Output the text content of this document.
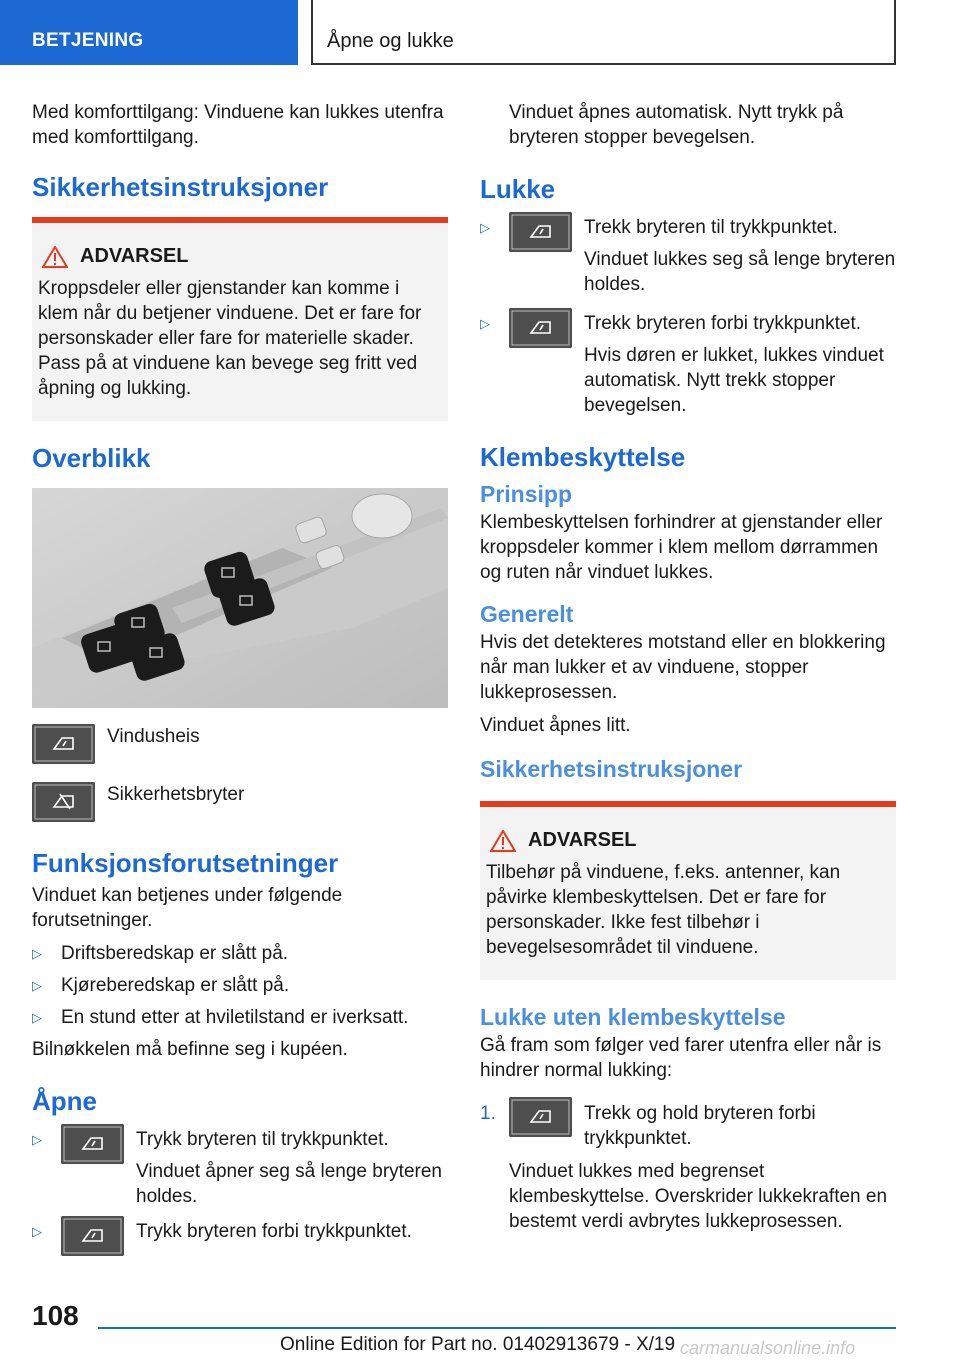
BETJENING	Åpne og lukke

Med komforttilgang: Vinduene kan lukkes utenfra med komforttilgang.

Sikkerhetsinstruksjoner
ADVARSEL

Kroppsdeler eller gjenstander kan komme i klem når du betjener vinduene. Det er fare for personskader eller fare for materielle skader. Pass på at vinduene kan bevege seg fritt ved åpning og lukking.

Overblikk
Vindusheis
Sikkerhetsbryter
Funksjonsforutsetninger

Vinduet kan betjenes under følgende forutsetninger.

▷ Driftsberedskap er slått på.
▷ Kjøreberedskap er slått på.
▷ En stund etter at hviletilstand er iverksatt.

Bilnøkkelen må befinne seg i kupéen.

Åpne
▷	Trykk bryteren til trykkpunktet.
Vinduet åpner seg så lenge bryteren holdes.
▷	Trykk bryteren forbi trykkpunktet.

Vinduet åpnes automatisk. Nytt trykk på bryteren stopper bevegelsen.

Lukke
▷	Trekk bryteren til trykkpunktet.
Vinduet lukkes seg så lenge bryteren holdes.
▷	Trekk bryteren forbi trykkpunktet.
Hvis døren er lukket, lukkes vinduet automatisk. Nytt trekk stopper bevegelsen.
Klembeskyttelse
Prinsipp

Klembeskyttelsen forhindrer at gjenstander eller kroppsdeler kommer i klem mellom dørrammen og ruten når vinduet lukkes.

Generelt

Hvis det detekteres motstand eller en blokkering når man lukker et av vinduene, stopper lukkeprosessen.

Vinduet åpnes litt.

Sikkerhetsinstruksjoner
ADVARSEL

Tilbehør på vinduene, f.eks. antenner, kan påvirke klembeskyttelsen. Det er fare for personskader. Ikke fest tilbehør i bevegelsesområdet til vinduene.

Lukke uten klembeskyttelse

Gå fram som følger ved farer utenfra eller når is hindrer normal lukking:

1.	Trekk og hold bryteren forbi trykkpunktet.
Vinduet lukkes med begrenset klembeskyttelse. Overskrider lukkekraften en bestemt verdi avbrytes lukkeprosessen.
108
Online Edition for Part no. 01402913679 - X/19 carmanualsonline.info
